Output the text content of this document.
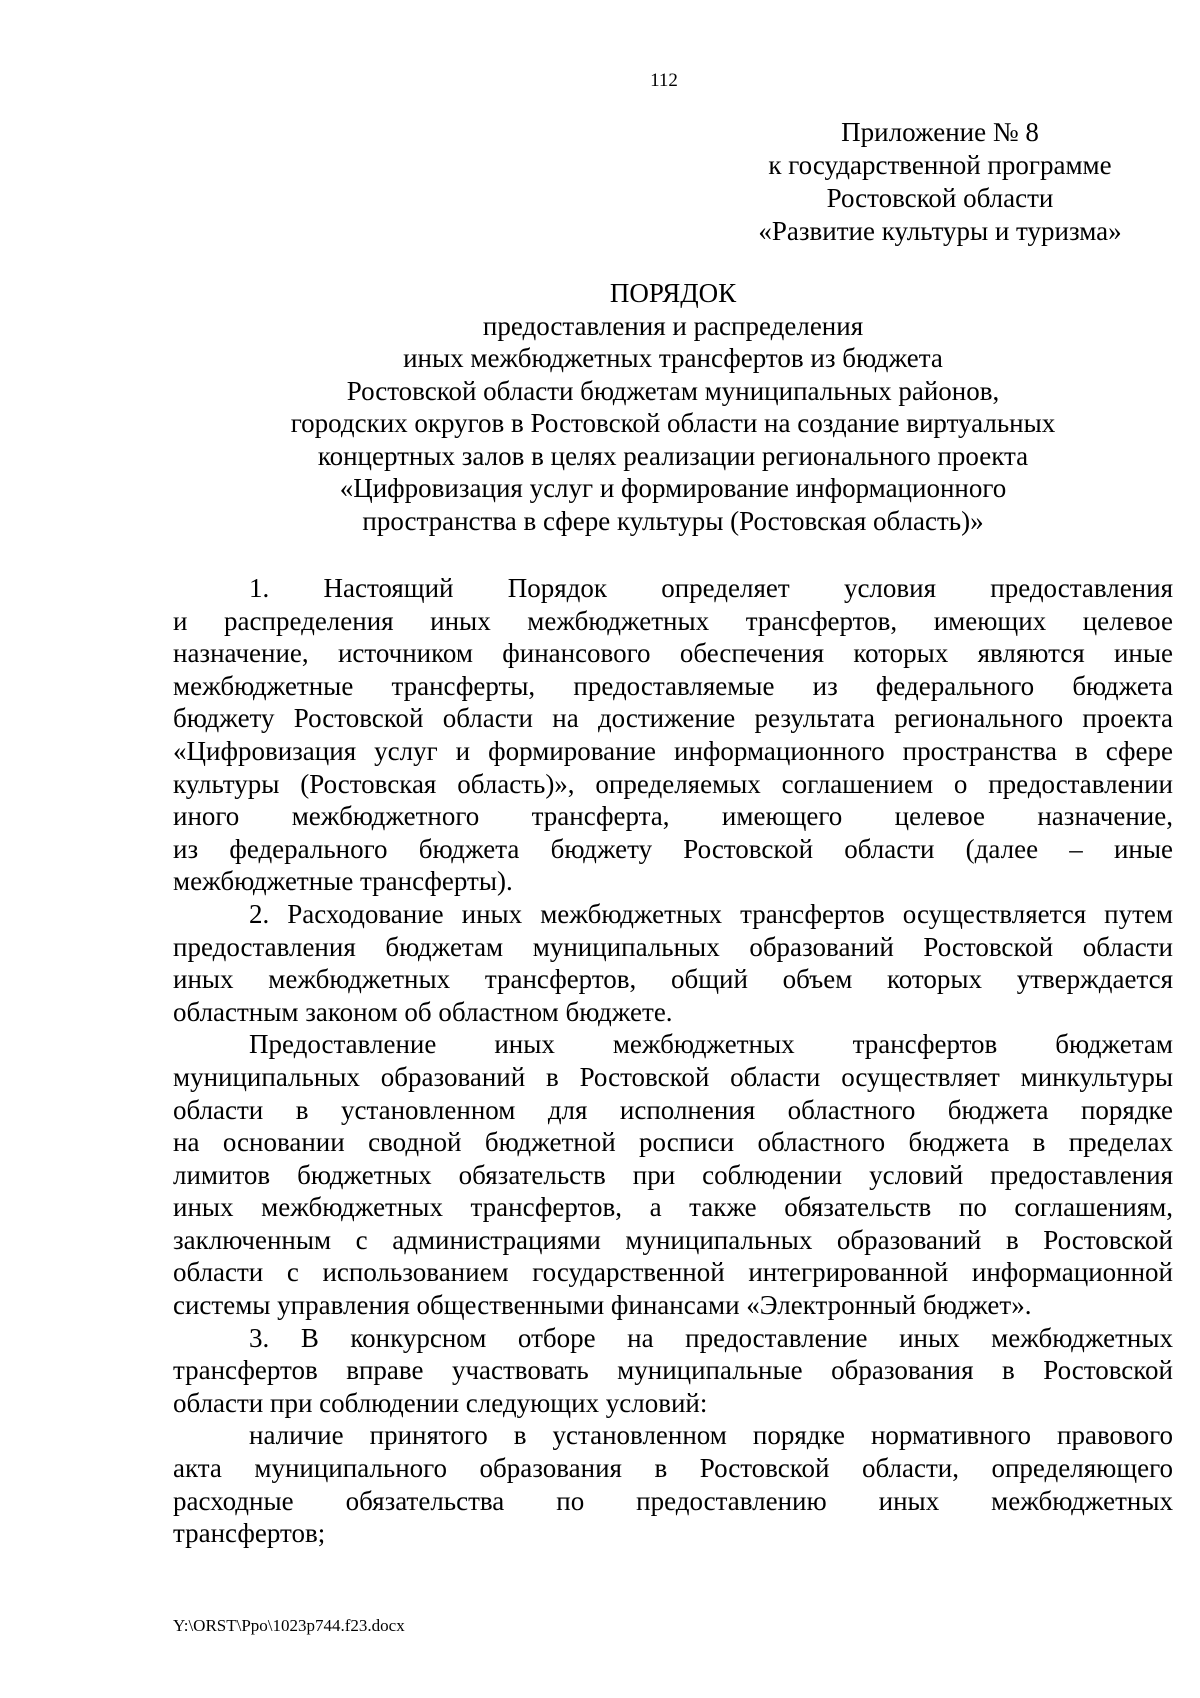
112
Приложение № 8
к государственной программе
Ростовской области
«Развитие культуры и туризма»
ПОРЯДОК
предоставления и распределения
иных межбюджетных трансфертов из бюджета
Ростовской области бюджетам муниципальных районов,
городских округов в Ростовской области на создание виртуальных
концертных залов в целях реализации регионального проекта
«Цифровизация услуг и формирование информационного
пространства в сфере культуры (Ростовская область)»
1. Настоящий Порядок определяет условия предоставления
и распределения иных межбюджетных трансфертов, имеющих целевое
назначение, источником финансового обеспечения которых являются иные
межбюджетные трансферты, предоставляемые из федерального бюджета
бюджету Ростовской области на достижение результата регионального проекта
«Цифровизация услуг и формирование информационного пространства в сфере
культуры (Ростовская область)», определяемых соглашением о предоставлении
иного межбюджетного трансферта, имеющего целевое назначение,
из федерального бюджета бюджету Ростовской области (далее – иные
межбюджетные трансферты).
2. Расходование иных межбюджетных трансфертов осуществляется путем
предоставления бюджетам муниципальных образований Ростовской области
иных межбюджетных трансфертов, общий объем которых утверждается
областным законом об областном бюджете.
Предоставление иных межбюджетных трансфертов бюджетам
муниципальных образований в Ростовской области осуществляет минкультуры
области в установленном для исполнения областного бюджета порядке
на основании сводной бюджетной росписи областного бюджета в пределах
лимитов бюджетных обязательств при соблюдении условий предоставления
иных межбюджетных трансфертов, а также обязательств по соглашениям,
заключенным с администрациями муниципальных образований в Ростовской
области с использованием государственной интегрированной информационной
системы управления общественными финансами «Электронный бюджет».
3. В конкурсном отборе на предоставление иных межбюджетных
трансфертов вправе участвовать муниципальные образования в Ростовской
области при соблюдении следующих условий:
наличие принятого в установленном порядке нормативного правового
акта муниципального образования в Ростовской области, определяющего
расходные обязательства по предоставлению иных межбюджетных
трансфертов;
Y:\ORST\Ppo\1023p744.f23.docx
